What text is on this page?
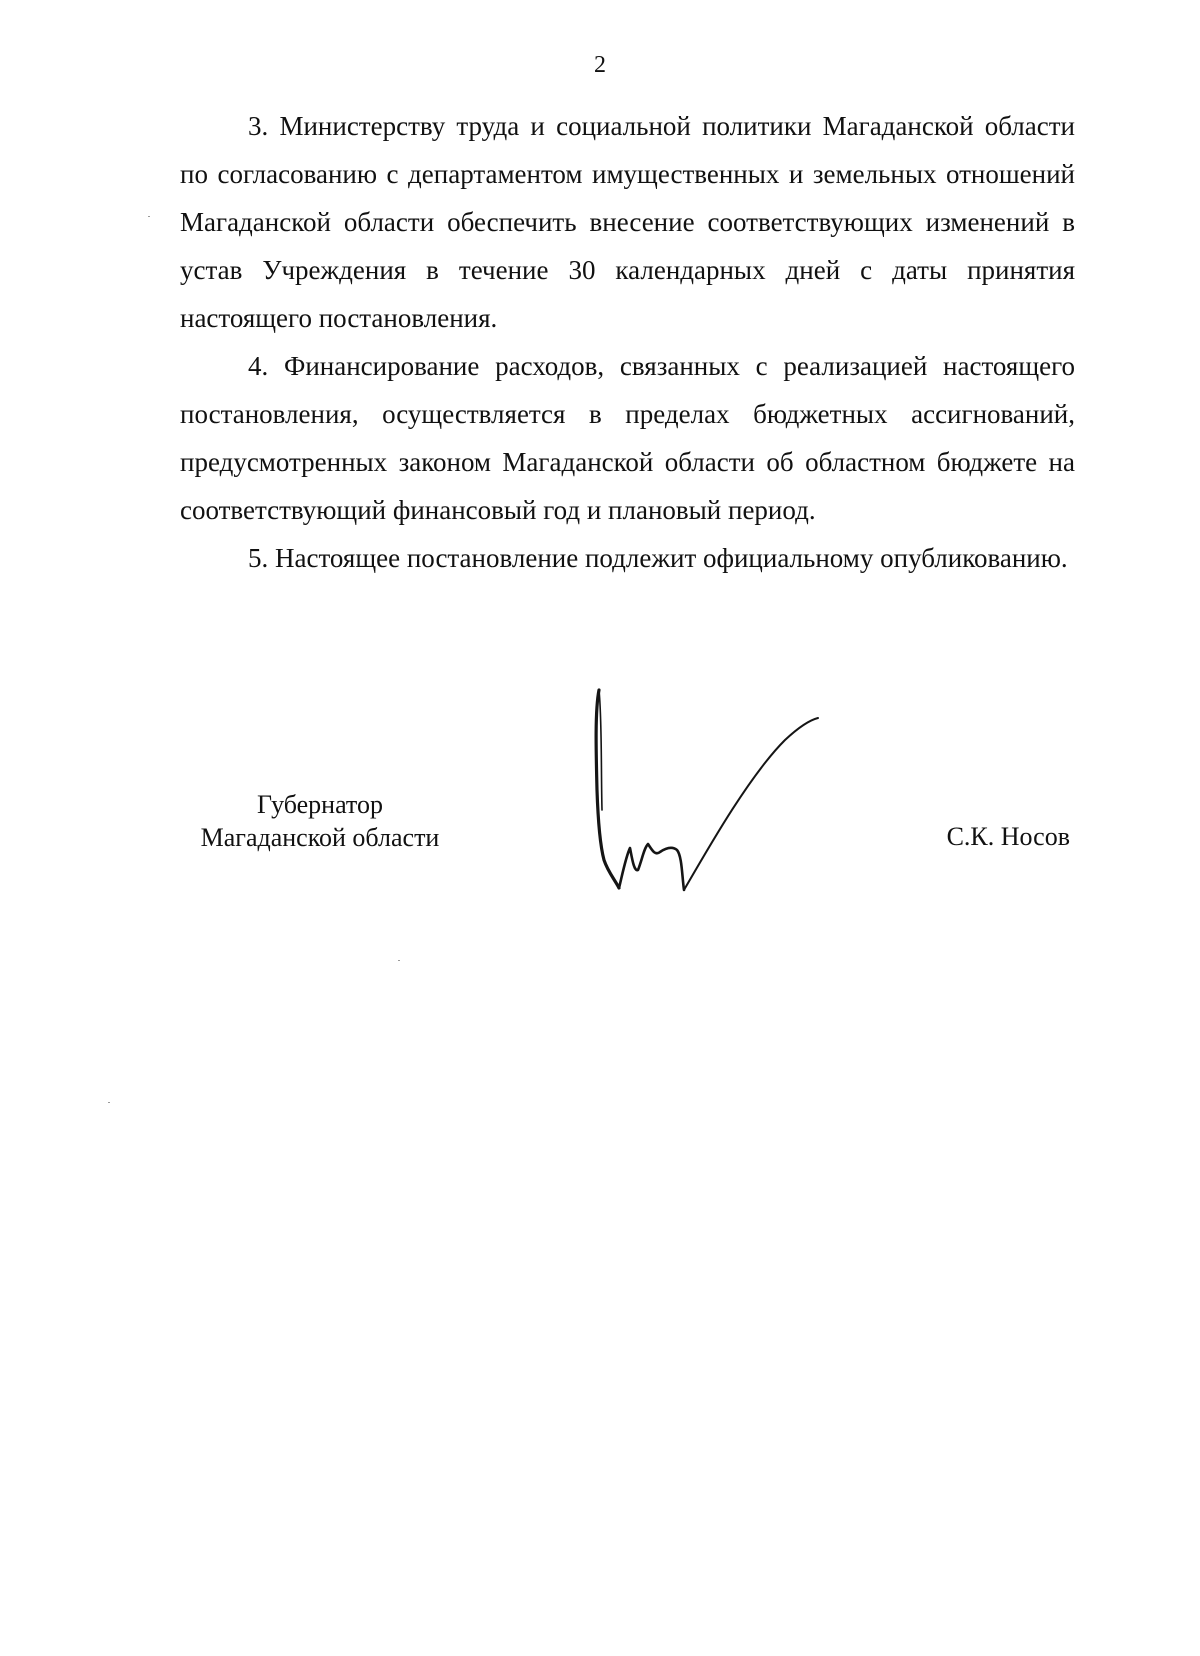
2

3. Министерству труда и социальной политики Магаданской области по согласованию с департаментом имущественных и земельных отношений Магаданской области обеспечить внесение соответствующих изменений в устав Учреждения в течение 30 календарных дней с даты принятия настоящего постановления.

4. Финансирование расходов, связанных с реализацией настоящего постановления, осуществляется в пределах бюджетных ассигнований, предусмотренных законом Магаданской области об областном бюджете на соответствующий финансовый год и плановый период.

5. Настоящее постановление подлежит официальному опубликованию.

Губернатор
Магаданской области	С.К. Носов
